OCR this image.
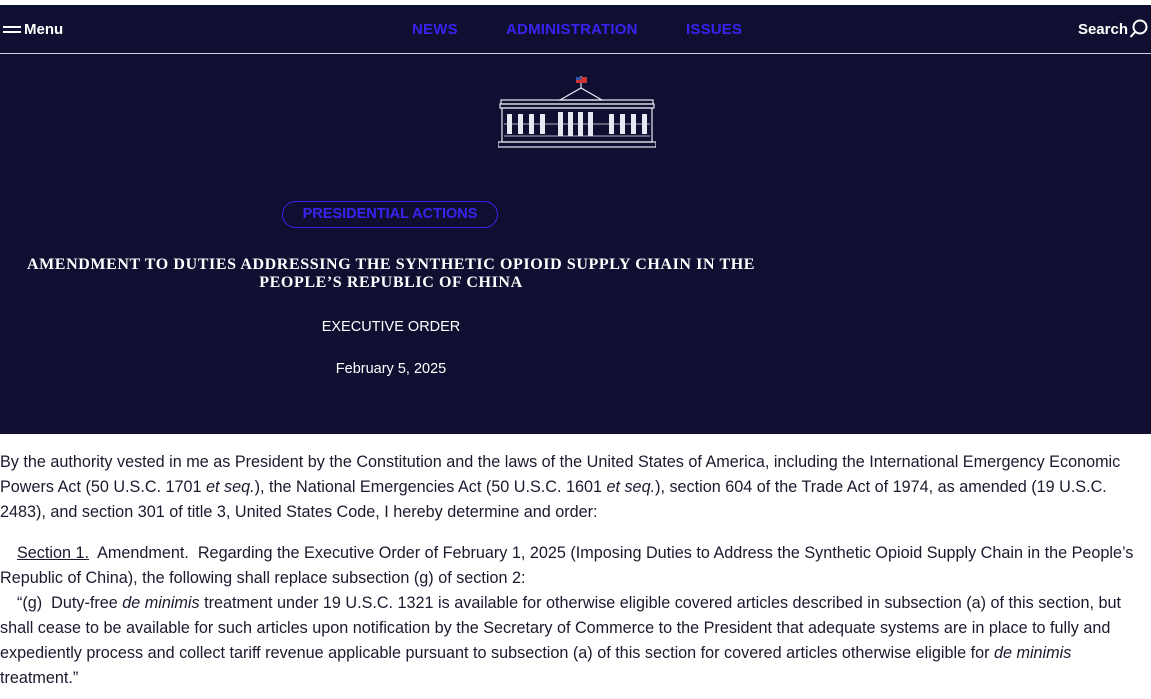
Menu	NEWS	ADMINISTRATION	ISSUES	Search
PRESIDENTIAL ACTIONS
AMENDMENT TO DUTIES ADDRESSING THE SYNTHETIC OPIOID SUPPLY CHAIN IN THE PEOPLE’S REPUBLIC OF CHINA
EXECUTIVE ORDER
February 5, 2025

By the authority vested in me as President by the Constitution and the laws of the United States of America, including the International Emergency Economic Powers Act (50 U.S.C. 1701 et seq.), the National Emergencies Act (50 U.S.C. 1601 et seq.), section 604 of the Trade Act of 1974, as amended (19 U.S.C. 2483), and section 301 of title 3, United States Code, I hereby determine and order:

Section 1.  Amendment.  Regarding the Executive Order of February 1, 2025 (Imposing Duties to Address the Synthetic Opioid Supply Chain in the People’s Republic of China), the following shall replace subsection (g) of section 2:

“(g)  Duty-free de minimis treatment under 19 U.S.C. 1321 is available for otherwise eligible covered articles described in subsection (a) of this section, but shall cease to be available for such articles upon notification by the Secretary of Commerce to the President that adequate systems are in place to fully and expediently process and collect tariff revenue applicable pursuant to subsection (a) of this section for covered articles otherwise eligible for de minimis treatment.”
